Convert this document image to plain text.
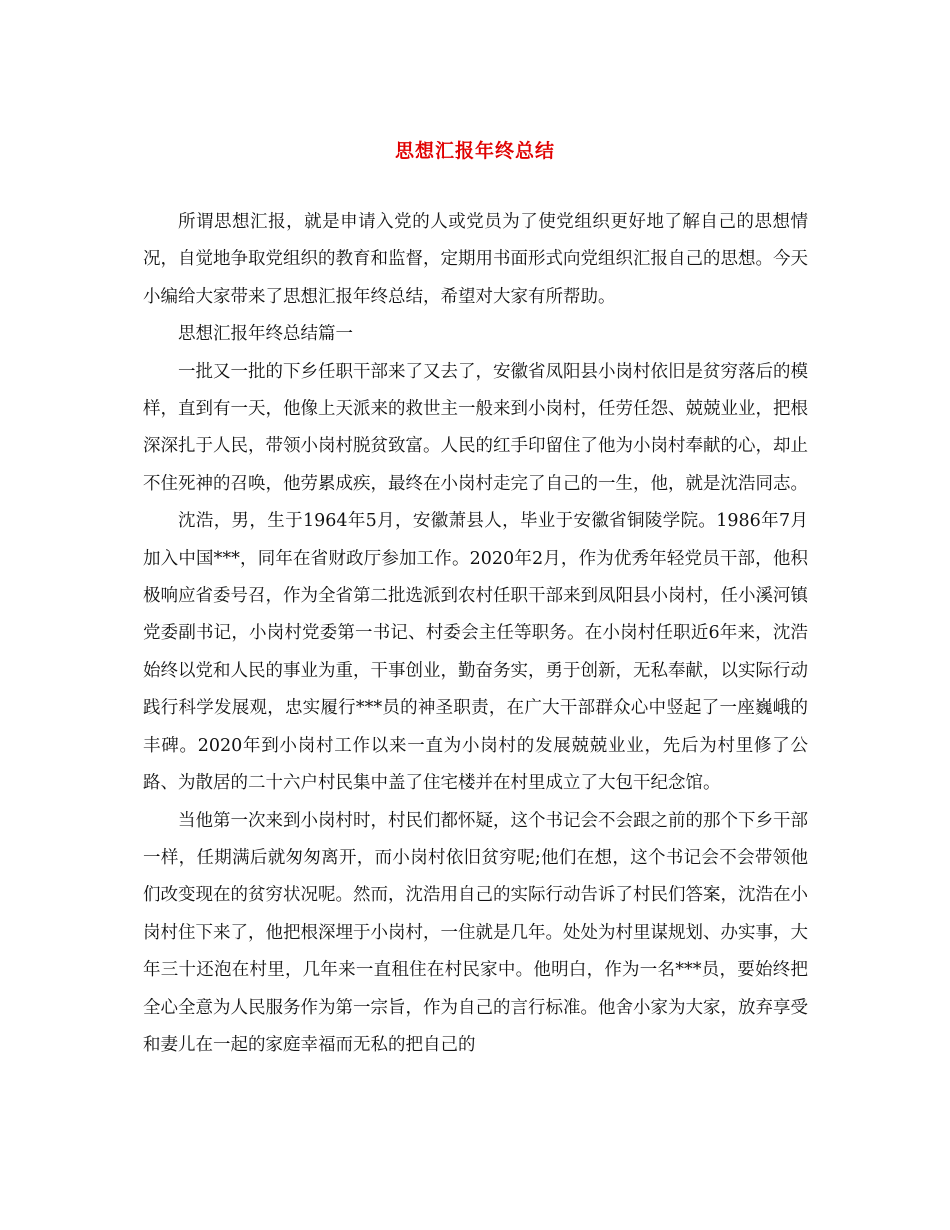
思想汇报年终总结

所谓思想汇报，就是申请入党的人或党员为了使党组织更好地了解自己的思想情况，自觉地争取党组织的教育和监督，定期用书面形式向党组织汇报自己的思想。今天小编给大家带来了思想汇报年终总结，希望对大家有所帮助。

思想汇报年终总结篇一

一批又一批的下乡任职干部来了又去了，安徽省凤阳县小岗村依旧是贫穷落后的模样，直到有一天，他像上天派来的救世主一般来到小岗村，任劳任怨、兢兢业业，把根深深扎于人民，带领小岗村脱贫致富。人民的红手印留住了他为小岗村奉献的心，却止不住死神的召唤，他劳累成疾，最终在小岗村走完了自己的一生，他，就是沈浩同志。

沈浩，男，生于1964年5月，安徽萧县人，毕业于安徽省铜陵学院。1986年7月加入中国***，同年在省财政厅参加工作。2020年2月，作为优秀年轻党员干部，他积极响应省委号召，作为全省第二批选派到农村任职干部来到凤阳县小岗村，任小溪河镇党委副书记，小岗村党委第一书记、村委会主任等职务。在小岗村任职近6年来，沈浩始终以党和人民的事业为重，干事创业，勤奋务实，勇于创新，无私奉献，以实际行动践行科学发展观，忠实履行***员的神圣职责，在广大干部群众心中竖起了一座巍峨的丰碑。2020年到小岗村工作以来一直为小岗村的发展兢兢业业，先后为村里修了公路、为散居的二十六户村民集中盖了住宅楼并在村里成立了大包干纪念馆。

当他第一次来到小岗村时，村民们都怀疑，这个书记会不会跟之前的那个下乡干部一样，任期满后就匆匆离开，而小岗村依旧贫穷呢;他们在想，这个书记会不会带领他们改变现在的贫穷状况呢。然而，沈浩用自己的实际行动告诉了村民们答案，沈浩在小岗村住下来了，他把根深埋于小岗村，一住就是几年。处处为村里谋规划、办实事，大年三十还泡在村里，几年来一直租住在村民家中。他明白，作为一名***员，要始终把全心全意为人民服务作为第一宗旨，作为自己的言行标准。他舍小家为大家，放弃享受和妻儿在一起的家庭幸福而无私的把自己的
